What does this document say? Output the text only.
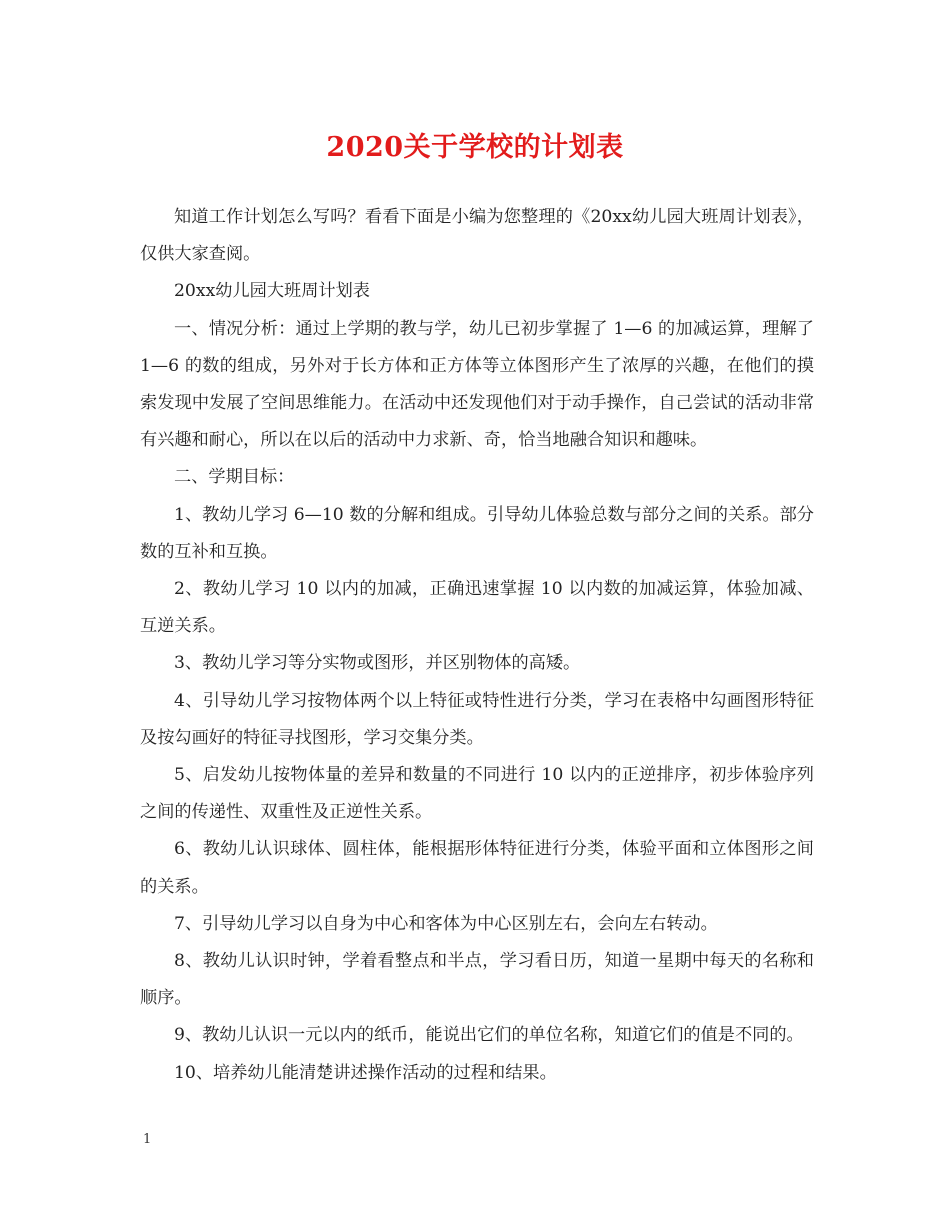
2020关于学校的计划表

知道工作计划怎么写吗？看看下面是小编为您整理的《20xx幼儿园大班周计划表》，仅供大家查阅。

20xx幼儿园大班周计划表

一、情况分析：通过上学期的教与学，幼儿已初步掌握了 1—6 的加减运算，理解了 1—6 的数的组成，另外对于长方体和正方体等立体图形产生了浓厚的兴趣，在他们的摸索发现中发展了空间思维能力。在活动中还发现他们对于动手操作，自己尝试的活动非常有兴趣和耐心，所以在以后的活动中力求新、奇，恰当地融合知识和趣味。

二、学期目标：

1、教幼儿学习 6—10 数的分解和组成。引导幼儿体验总数与部分之间的关系。部分数的互补和互换。

2、教幼儿学习 10 以内的加减，正确迅速掌握 10 以内数的加减运算，体验加减、互逆关系。

3、教幼儿学习等分实物或图形，并区别物体的高矮。

4、引导幼儿学习按物体两个以上特征或特性进行分类，学习在表格中勾画图形特征及按勾画好的特征寻找图形，学习交集分类。

5、启发幼儿按物体量的差异和数量的不同进行 10 以内的正逆排序，初步体验序列之间的传递性、双重性及正逆性关系。

6、教幼儿认识球体、圆柱体，能根据形体特征进行分类，体验平面和立体图形之间的关系。

7、引导幼儿学习以自身为中心和客体为中心区别左右，会向左右转动。

8、教幼儿认识时钟，学着看整点和半点，学习看日历，知道一星期中每天的名称和顺序。

9、教幼儿认识一元以内的纸币，能说出它们的单位名称，知道它们的值是不同的。

10、培养幼儿能清楚讲述操作活动的过程和结果。

1
